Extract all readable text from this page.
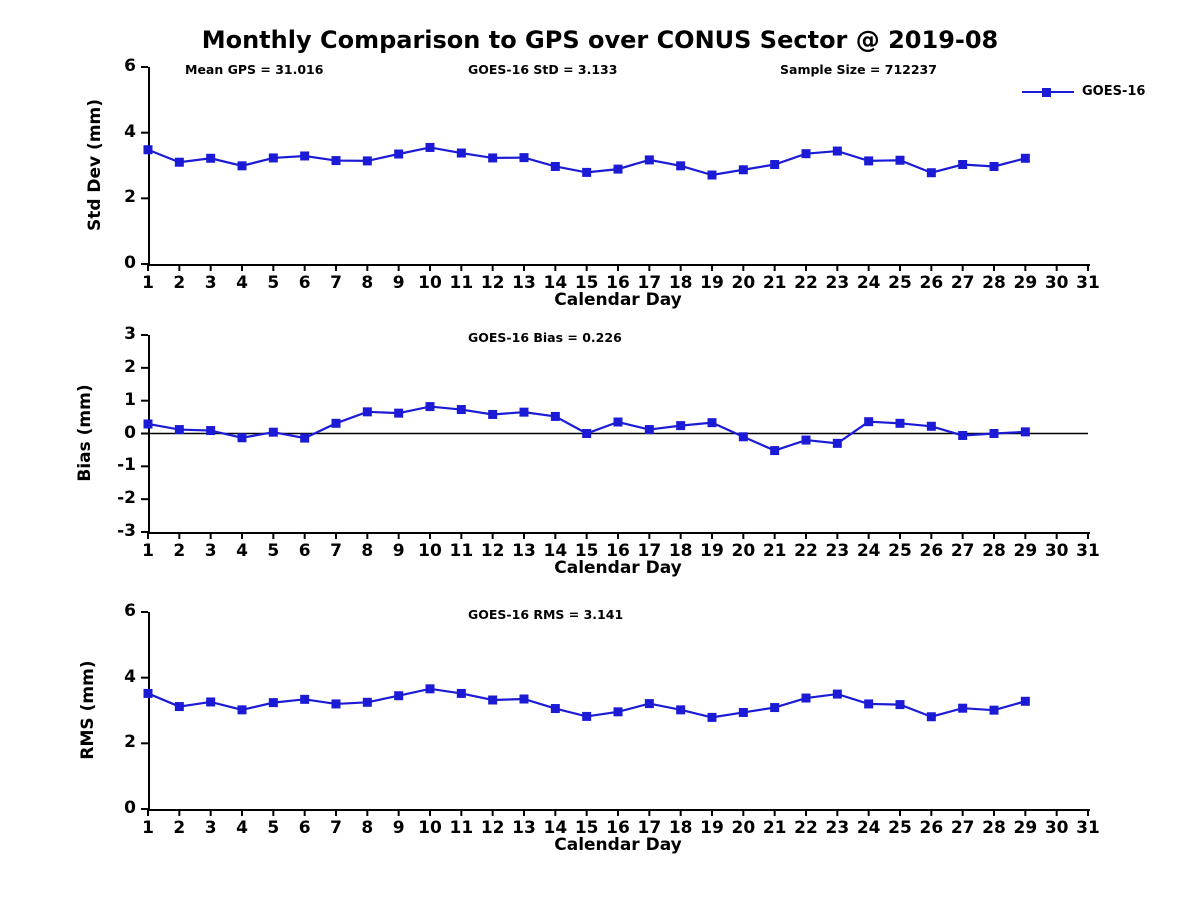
Monthly Comparison to GPS over CONUS Sector @ 2019-08
Std Dev (mm)
Calendar Day
Mean GPS = 31.016	GOES-16 StD = 3.133	Sample Size = 712237
GOES-16
1	2	3	4	5	6	7	8	9 10 11 12 13 14 15 16 17 18 19 20 21 22 23 24 25 26 27 28 29 30 31
0
2
4
6
Bias (mm)
Calendar Day
GOES-16 Bias = 0.226
1	2	3	4	5	6	7	8	9 10 11 12 13 14 15 16 17 18 19 20 21 22 23 24 25 26 27 28 29 30 31
-3
-2
-1
0
1
2
3
RMS (mm)
Calendar Day
GOES-16 RMS = 3.141
1	2	3	4	5	6	7	8	9 10 11 12 13 14 15 16 17 18 19 20 21 22 23 24 25 26 27 28 29 30 31
0
2
4
6
